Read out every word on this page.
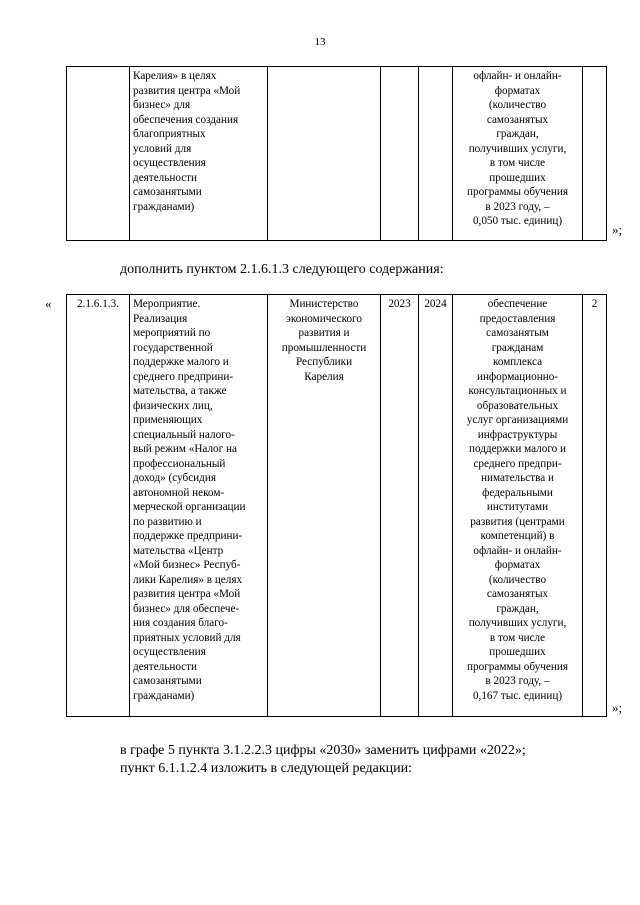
13
	Карелия» в целях
развития центра «Мой
бизнес» для
обеспечения создания
благоприятных
условий для
осуществления
деятельности
самозанятыми
гражданами)				офлайн- и онлайн-
форматах
(количество
самозанятых
граждан,
получивших услуги,
в том числе
прошедших
программы обучения
в 2023 году, –
0,050 тыс. единиц)	
»;
дополнить пунктом 2.1.6.1.3 следующего содержания:
« 2.1.6.1.3.	Мероприятие.
Реализация
мероприятий по
государственной
поддержке малого и
среднего предприни-
мательства, а также
физических лиц,
применяющих
специальный налого-
вый режим «Налог на
профессиональный
доход» (субсидия
автономной неком-
мерческой организации
по развитию и
поддержке предприни-
мательства «Центр
«Мой бизнес» Респуб-
лики Карелия» в целях
развития центра «Мой
бизнес» для обеспече-
ния создания благо-
приятных условий для
осуществления
деятельности
самозанятыми
гражданами)	Министерство
экономического
развития и
промышленности
Республики
Карелия	2023	2024	обеспечение
предоставления
самозанятым
гражданам
комплекса
информационно-
консультационных и
образовательных
услуг организациями
инфраструктуры
поддержки малого и
среднего предпри-
нимательства и
федеральными
институтами
развития (центрами
компетенций) в
офлайн- и онлайн-
форматах
(количество
самозанятых
граждан,
получивших услуги,
в том числе
прошедших
программы обучения
в 2023 году, –
0,167 тыс. единиц)	2
»;
в графе 5 пункта 3.1.2.2.3 цифры «2030» заменить цифрами «2022»;
пункт 6.1.1.2.4 изложить в следующей редакции:
